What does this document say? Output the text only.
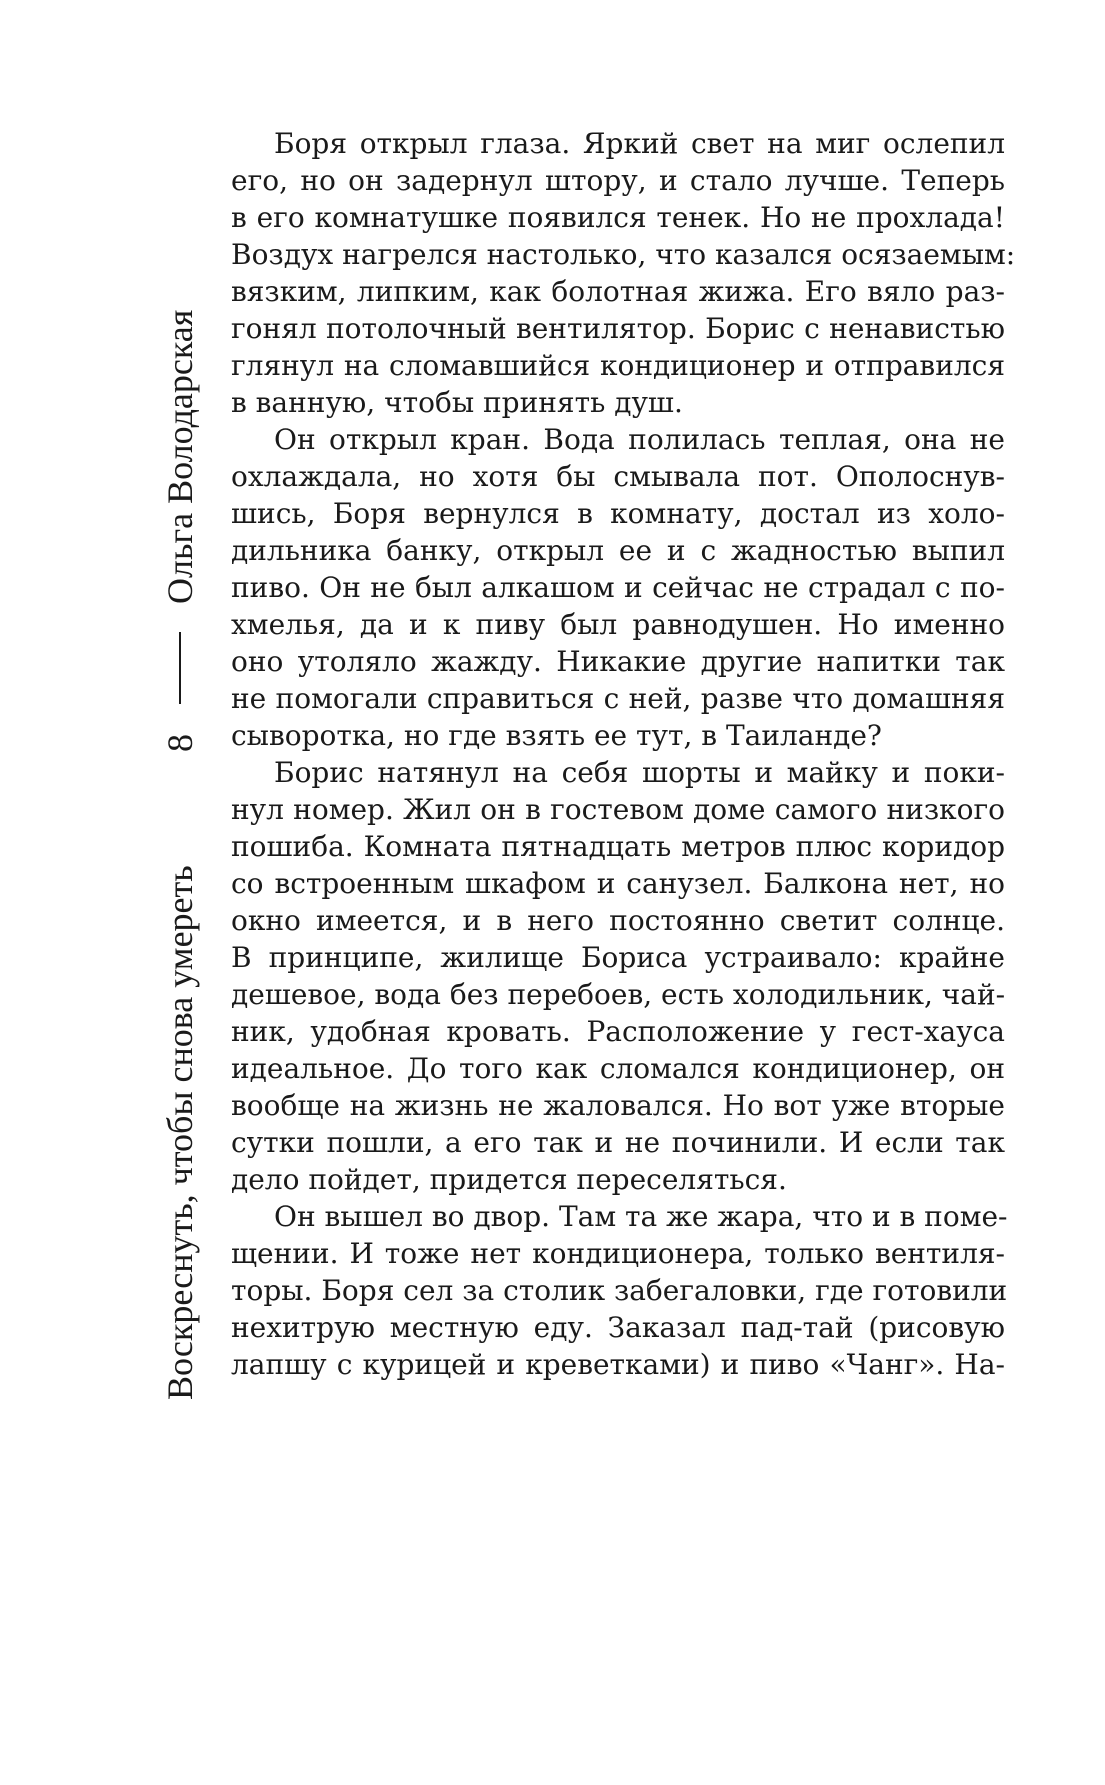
Воскреснуть, чтобы снова умереть
8
Ольга Володарская
Боря открыл глаза. Яркий свет на миг ослепил
его, но он задернул штору, и стало лучше. Теперь
в его комнатушке появился тенек. Но не прохлада!
Воздух нагрелся настолько, что казался осязаемым:
вязким, липким, как болотная жижа. Его вяло раз-
гонял потолочный вентилятор. Борис с ненавистью
глянул на сломавшийся кондиционер и отправился
в ванную, чтобы принять душ.
Он открыл кран. Вода полилась теплая, она не
охлаждала, но хотя бы смывала пот. Ополоснув-
шись, Боря вернулся в комнату, достал из холо-
дильника банку, открыл ее и с жадностью выпил
пиво. Он не был алкашом и сейчас не страдал с по-
хмелья, да и к пиву был равнодушен. Но именно
оно утоляло жажду. Никакие другие напитки так
не помогали справиться с ней, разве что домашняя
сыворотка, но где взять ее тут, в Таиланде?
Борис натянул на себя шорты и майку и поки-
нул номер. Жил он в гостевом доме самого низкого
пошиба. Комната пятнадцать метров плюс коридор
со встроенным шкафом и санузел. Балкона нет, но
окно имеется, и в него постоянно светит солнце.
В принципе, жилище Бориса устраивало: крайне
дешевое, вода без перебоев, есть холодильник, чай-
ник, удобная кровать. Расположение у гест-хауса
идеальное. До того как сломался кондиционер, он
вообще на жизнь не жаловался. Но вот уже вторые
сутки пошли, а его так и не починили. И если так
дело пойдет, придется переселяться.
Он вышел во двор. Там та же жара, что и в поме-
щении. И тоже нет кондиционера, только вентиля-
торы. Боря сел за столик забегаловки, где готовили
нехитрую местную еду. Заказал пад-тай (рисовую
лапшу с курицей и креветками) и пиво «Чанг». На-
